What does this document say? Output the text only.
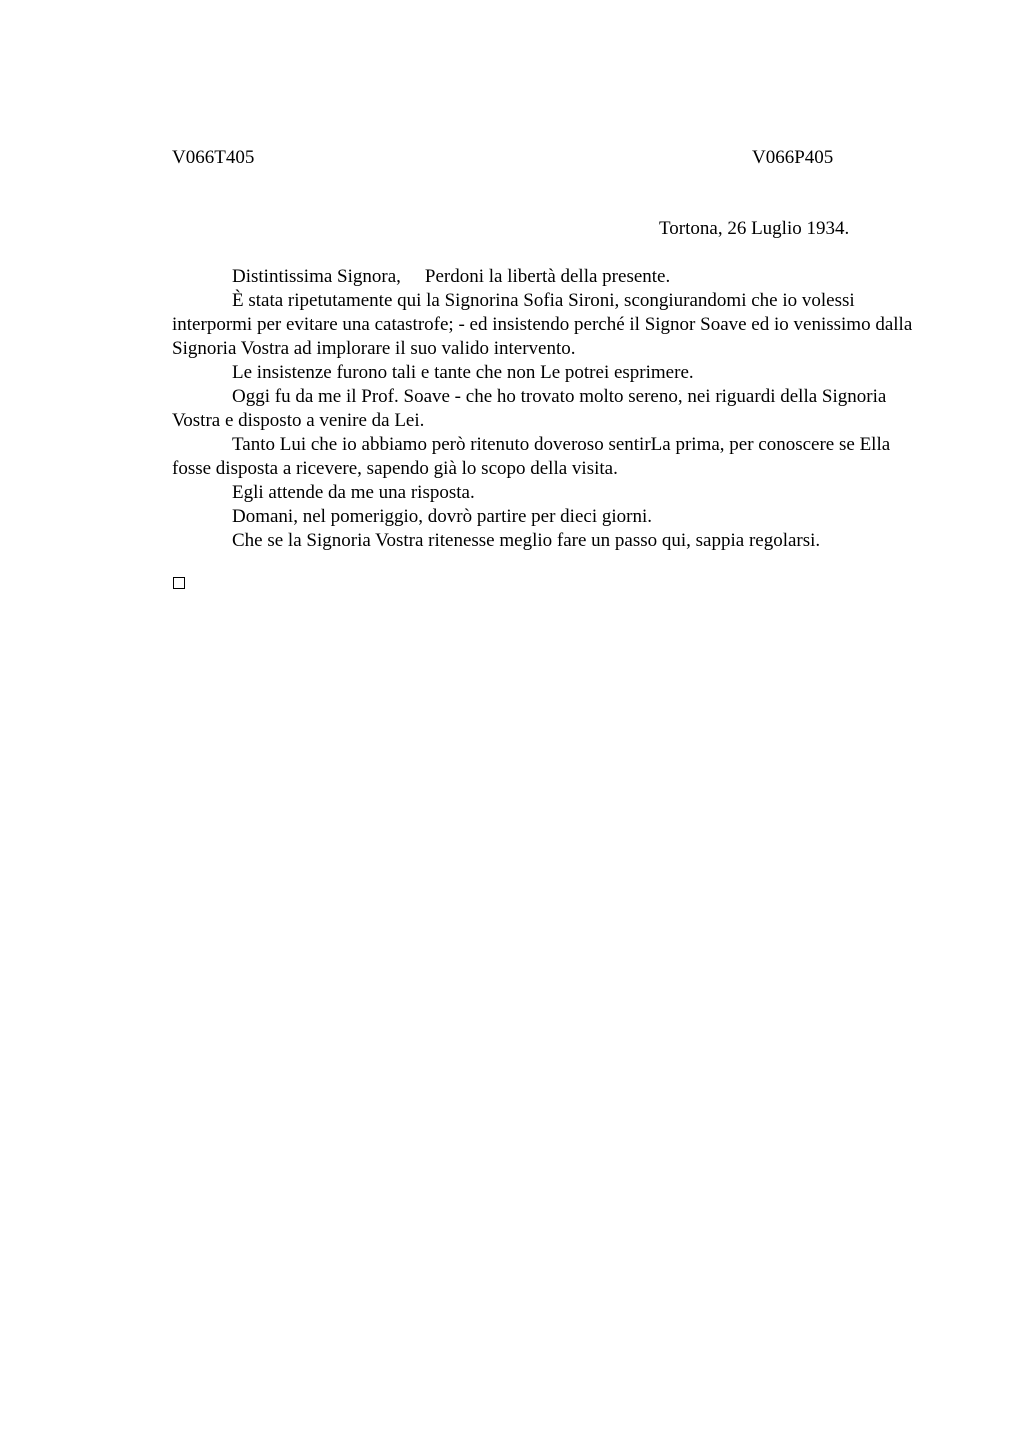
V066T405	V066P405
Tortona, 26 Luglio 1934.

Distintissima Signora, Perdoni la libertà della presente.

È stata ripetutamente qui la Signorina Sofia Sironi, scongiurandomi che io volessi interpormi per evitare una catastrofe; - ed insistendo perché il Signor Soave ed io venissimo dalla Signoria Vostra ad implorare il suo valido intervento.

Le insistenze furono tali e tante che non Le potrei esprimere.

Oggi fu da me il Prof. Soave - che ho trovato molto sereno, nei riguardi della Signoria Vostra e disposto a venire da Lei.

Tanto Lui che io abbiamo però ritenuto doveroso sentirLa prima, per conoscere se Ella fosse disposta a ricevere, sapendo già lo scopo della visita.

Egli attende da me una risposta.

Domani, nel pomeriggio, dovrò partire per dieci giorni.

Che se la Signoria Vostra ritenesse meglio fare un passo qui, sappia regolarsi.
